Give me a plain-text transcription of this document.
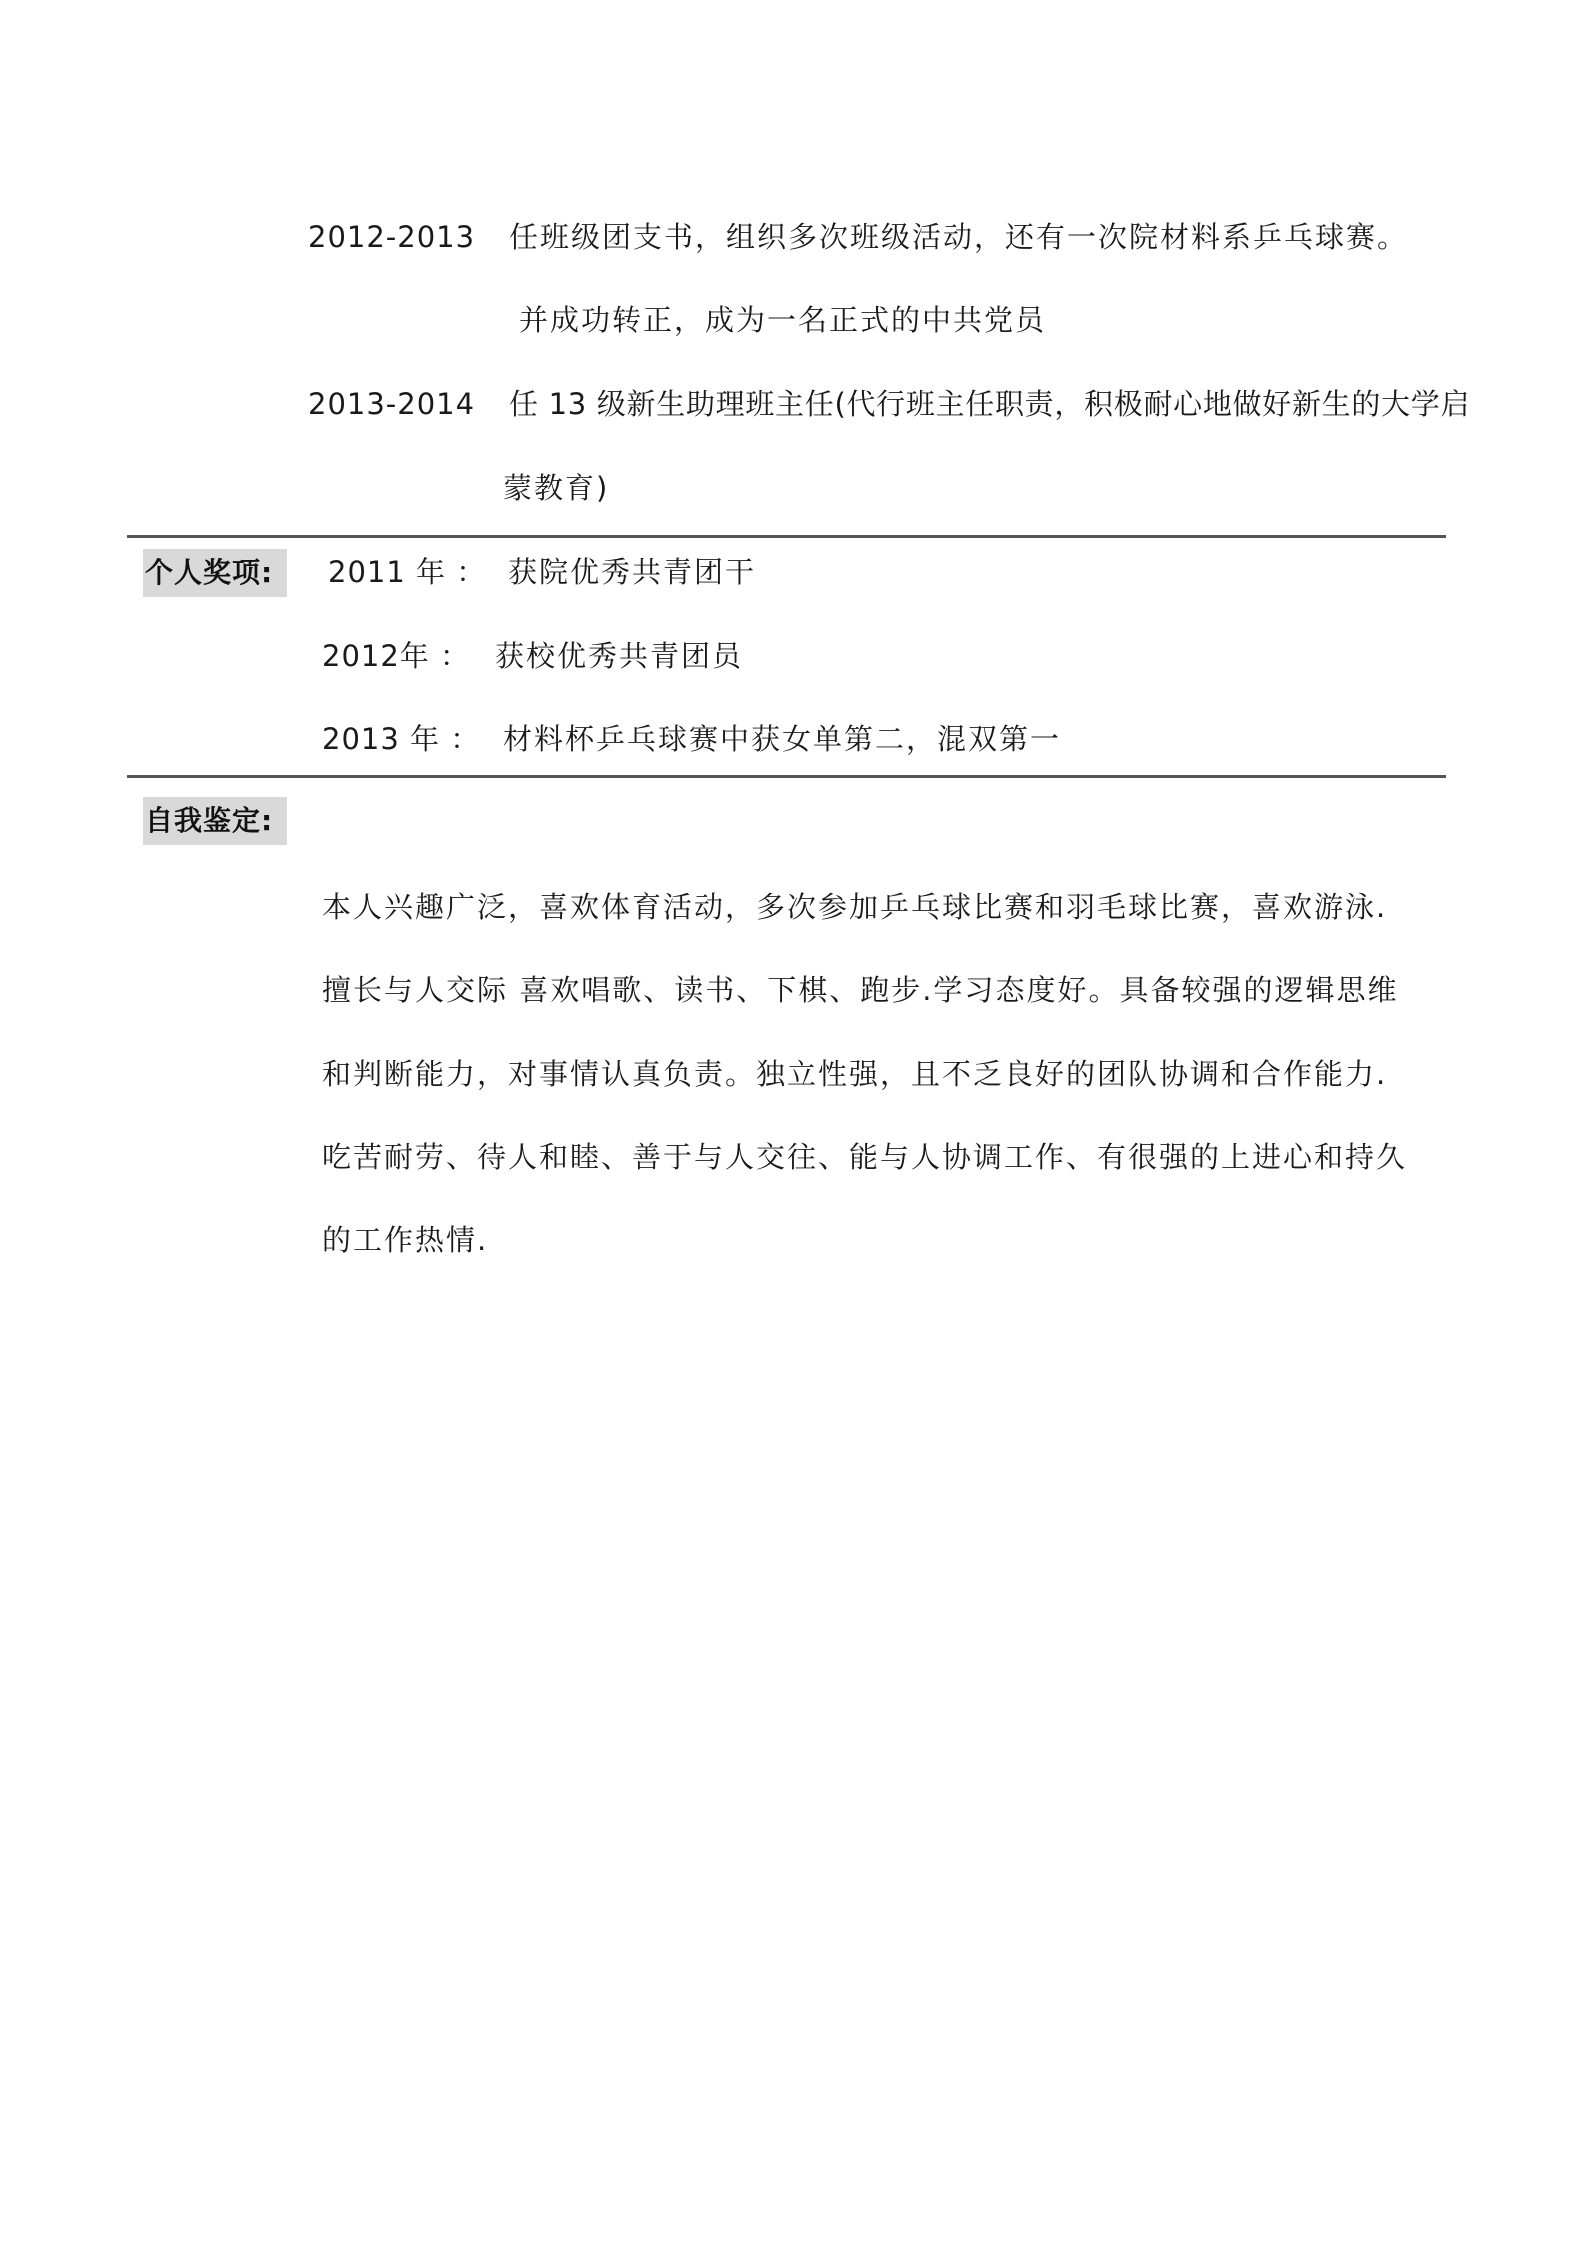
2012-2013 任班级团支书，组织多次班级活动，还有一次院材料系乒乓球赛。
并成功转正，成为一名正式的中共党员
2013-2014 任 13 级新生助理班主任(代行班主任职责，积极耐心地做好新生的大学启
蒙教育)
个人奖项:	2011 年 ： 获院优秀共青团干
2012年 ： 获校优秀共青团员
2013 年 ： 材料杯乒乓球赛中获女单第二，混双第一
自我鉴定:
本人兴趣广泛，喜欢体育活动，多次参加乒乓球比赛和羽毛球比赛，喜欢游泳.
擅长与人交际 喜欢唱歌、读书、下棋、跑步.学习态度好。具备较强的逻辑思维
和判断能力，对事情认真负责。独立性强，且不乏良好的团队协调和合作能力.
吃苦耐劳、待人和睦、善于与人交往、能与人协调工作、有很强的上进心和持久
的工作热情.
